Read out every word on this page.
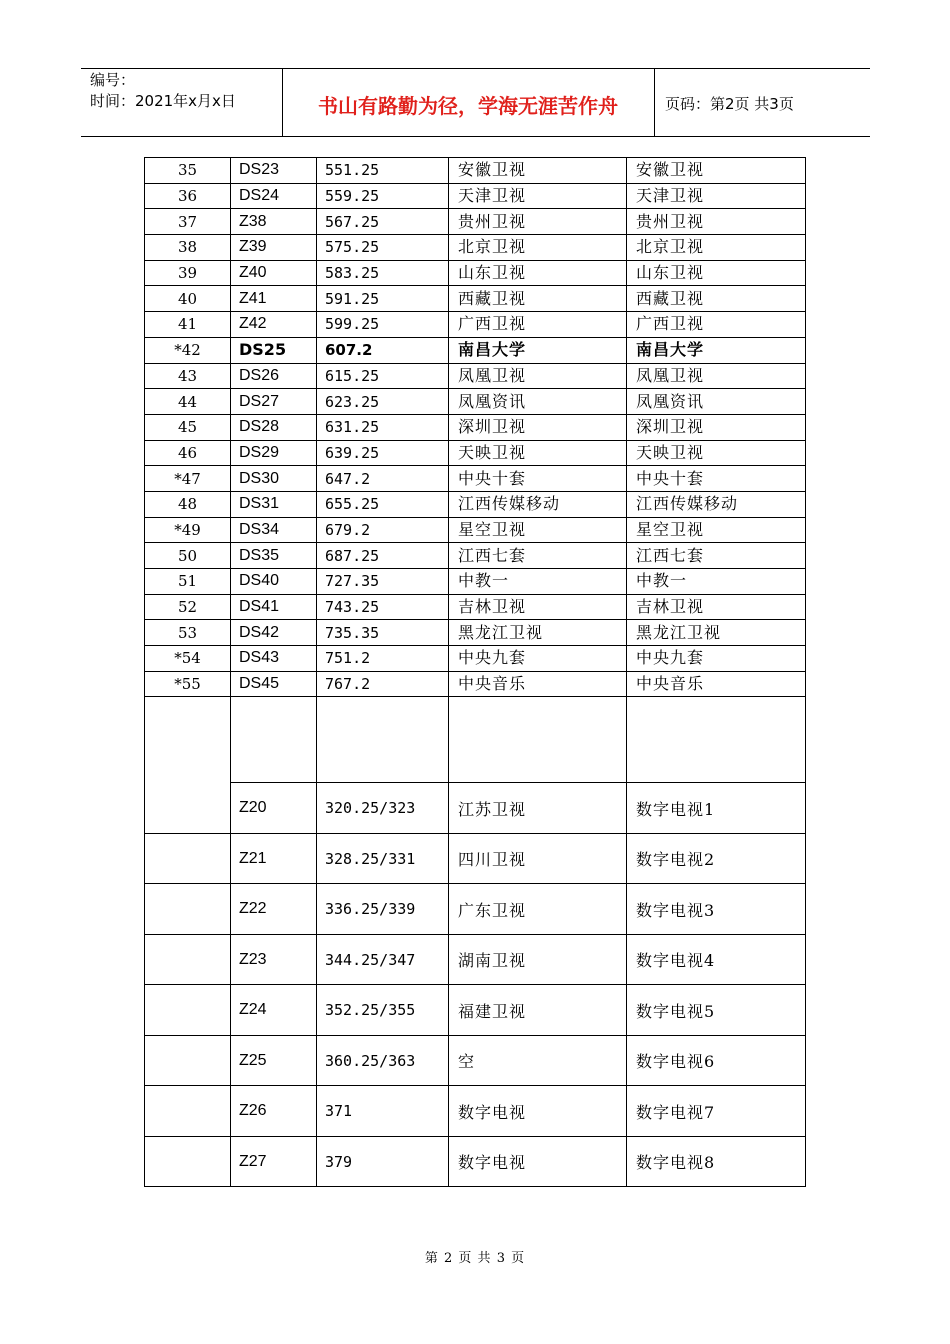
编号：
时间：2021年x月x日	书山有路勤为径，学海无涯苦作舟	页码：第2页 共3页
35	DS23	551.25	安徽卫视	安徽卫视
36	DS24	559.25	天津卫视	天津卫视
37	Z38	567.25	贵州卫视	贵州卫视
38	Z39	575.25	北京卫视	北京卫视
39	Z40	583.25	山东卫视	山东卫视
40	Z41	591.25	西藏卫视	西藏卫视
41	Z42	599.25	广西卫视	广西卫视
*42	DS25	607.2	南昌大学	南昌大学
43	DS26	615.25	凤凰卫视	凤凰卫视
44	DS27	623.25	凤凰资讯	凤凰资讯
45	DS28	631.25	深圳卫视	深圳卫视
46	DS29	639.25	天映卫视	天映卫视
*47	DS30	647.2	中央十套	中央十套
48	DS31	655.25	江西传媒移动	江西传媒移动
*49	DS34	679.2	星空卫视	星空卫视
50	DS35	687.25	江西七套	江西七套
51	DS40	727.35	中教一	中教一
52	DS41	743.25	吉林卫视	吉林卫视
53	DS42	735.35	黑龙江卫视	黑龙江卫视
*54	DS43	751.2	中央九套	中央九套
*55	DS45	767.2	中央音乐	中央音乐

	Z20	320.25/323	江苏卫视	数字电视1
	Z21	328.25/331	四川卫视	数字电视2
	Z22	336.25/339	广东卫视	数字电视3
	Z23	344.25/347	湖南卫视	数字电视4
	Z24	352.25/355	福建卫视	数字电视5
	Z25	360.25/363	空	数字电视6
	Z26	371	数字电视	数字电视7
	Z27	379	数字电视	数字电视8
第 2 页 共 3 页
